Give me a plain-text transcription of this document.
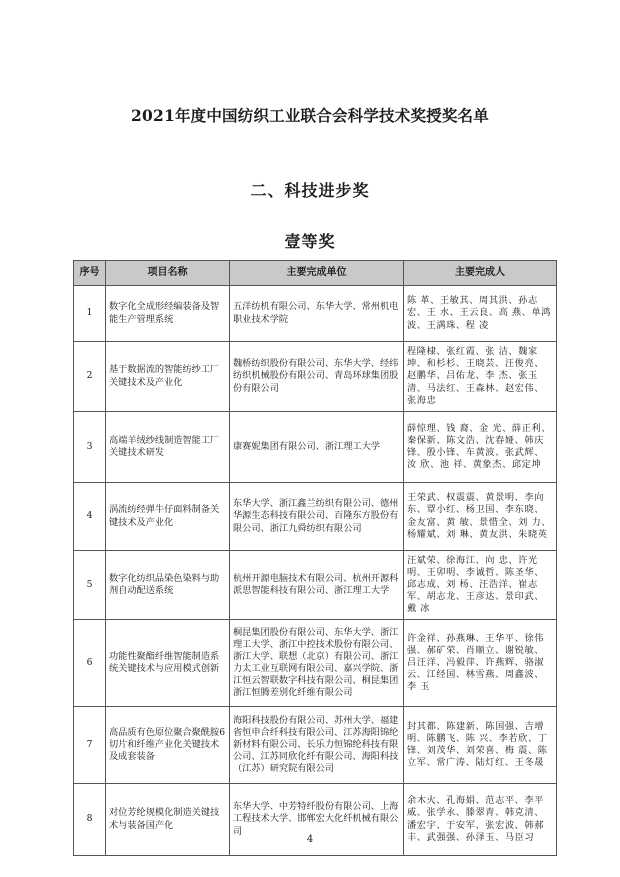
2021年度中国纺织工业联合会科学技术奖授奖名单
二、科技进步奖
壹等奖
序号	项目名称	主要完成单位	主要完成人
1	数字化全成形经编装备及智能生产管理系统	五洋纺机有限公司、东华大学、常州机电职业技术学院	陈 革、王敏其、周其洪、孙志宏、王 水、王云良、高 燕、单鸿波、王满珠、程 凌
2	基于数据流的智能纺纱工厂关键技术及产业化	魏桥纺织股份有限公司、东华大学、经纬纺织机械股份有限公司、青岛环球集团股份有限公司	程隆棣、张红霞、张 洁、魏家坤、和杉杉、王晓芸、汪俊亮、赵鹏华、吕佑龙、李 杰、张玉清、马法红、王森林、赵宏伟、张海忠
3	高端羊绒纱线制造智能工厂关键技术研发	康赛妮集团有限公司、浙江理工大学	薛惊理、钱 裔、金 光、薛正利、秦保新、陈文浩、沈春娅、韩庆锋、殷小锋、车黄波、张武辉、汝 欣、池 祥、黄象杰、邱定坤
4	涡流纺经弹牛仔面料制备关键技术及产业化	东华大学、浙江鑫兰纺织有限公司、德州华源生态科技有限公司、百隆东方股份有限公司、浙江九舜纺织有限公司	王荣武、权震震、黄景明、李向东、覃小红、杨卫国、李东晓、金友富、黄 敏、景惜全、刘 力、杨耀斌、刘 琳、黄友洪、朱晓英
5	数字化纺织品染色染料与助剂自动配送系统	杭州开源电脑技术有限公司、杭州开源科派思智能科技有限公司、浙江理工大学	汪斌荣、徐海江、向 忠、许光明、王卯明、李诚哲、陈圣华、邱志成、刘 杨、汪浩洋、崔志军、胡志龙、王彦达、景印武、戴 冰
6	功能性聚酯纤维智能制造系统关键技术与应用模式创新	桐昆集团股份有限公司、东华大学、浙江理工大学、浙江中控技术股份有限公司、浙江大学、联想（北京）有限公司、浙江力太工业互联网有限公司、嘉兴学院、浙江恒云智联数字科技有限公司、桐昆集团浙江恒腾差别化纤维有限公司	许金祥、孙燕琳、王华平、徐伟强、郝矿荣、肖顺立、谢锐敏、吕汪洋、冯毅萍、许燕辉、骆淑云、江经国、林雪燕、周鑫波、李 玉
7	高品质有色原位聚合聚酰胺6切片和纤维产业化关键技术及成套装备	海阳科技股份有限公司、苏州大学、福建省恒申合纤科技有限公司、江苏海阳锦纶新材料有限公司、长乐力恒锦纶科技有限公司、江苏同欣化纤有限公司、海阳科技（江苏）研究院有限公司	封其都、陈建新、陈国强、吉增明、陈鹏飞、陈 兴、李若欣、丁 锋、刘茂华、刘荣喜、梅 震、陈立军、常广涛、陆灯红、王冬晟
8	对位芳纶规模化制造关键技术与装备国产化	东华大学、中芳特纤股份有限公司、上海工程技术大学、邯郸宏大化纤机械有限公司	余木火、孔海娟、范志平、李平威、张学永、滕翠青、韩克清、潘宏宇、于安军、张宏波、韩郝丰、武强强、孙泽玉、马臣习
4
